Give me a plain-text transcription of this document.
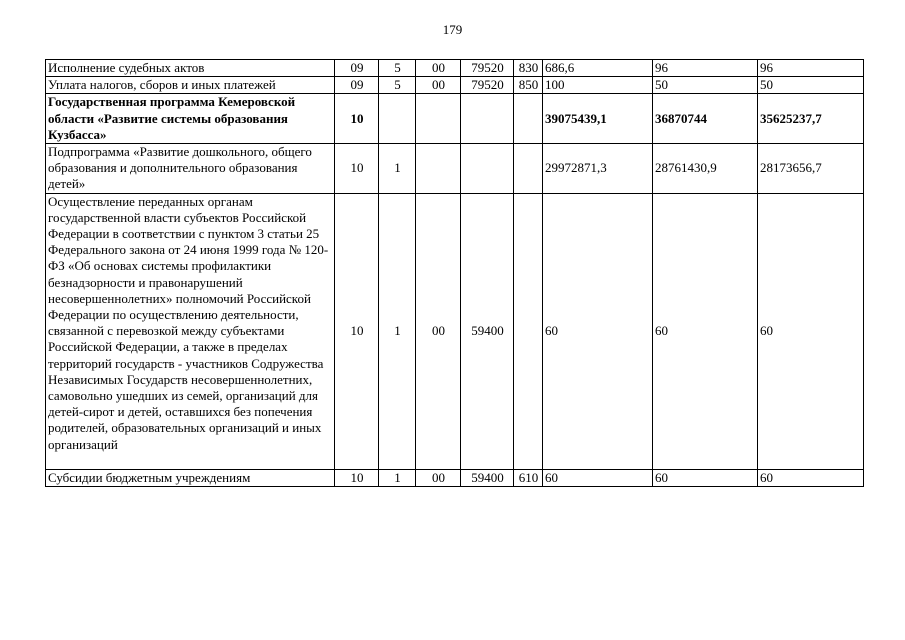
179
Исполнение судебных актов	09	5	00	79520	830	686,6	96	96
Уплата налогов, сборов и иных платежей	09	5	00	79520	850	100	50	50
Государственная программа Кемеровской области «Развитие системы образования Кузбасса»	10					39075439,1	36870744	35625237,7
Подпрограмма «Развитие дошкольного, общего образования и дополнительного образования детей»	10	1				29972871,3	28761430,9	28173656,7
Осуществление переданных органам государственной власти субъектов Российской Федерации в соответствии с пунктом 3 статьи 25 Федерального закона от 24 июня 1999 года № 120-ФЗ «Об основах системы профилактики безнадзорности и правонарушений несовершеннолетних» полномочий Российской Федерации по осуществлению деятельности, связанной с перевозкой между субъектами Российской Федерации, а также в пределах территорий государств - участников Содружества Независимых Государств несовершеннолетних, самовольно ушедших из семей, организаций для детей-сирот и детей, оставшихся без попечения родителей, образовательных организаций и иных организаций	10	1	00	59400		60	60	60
Субсидии бюджетным учреждениям	10	1	00	59400	610	60	60	60
